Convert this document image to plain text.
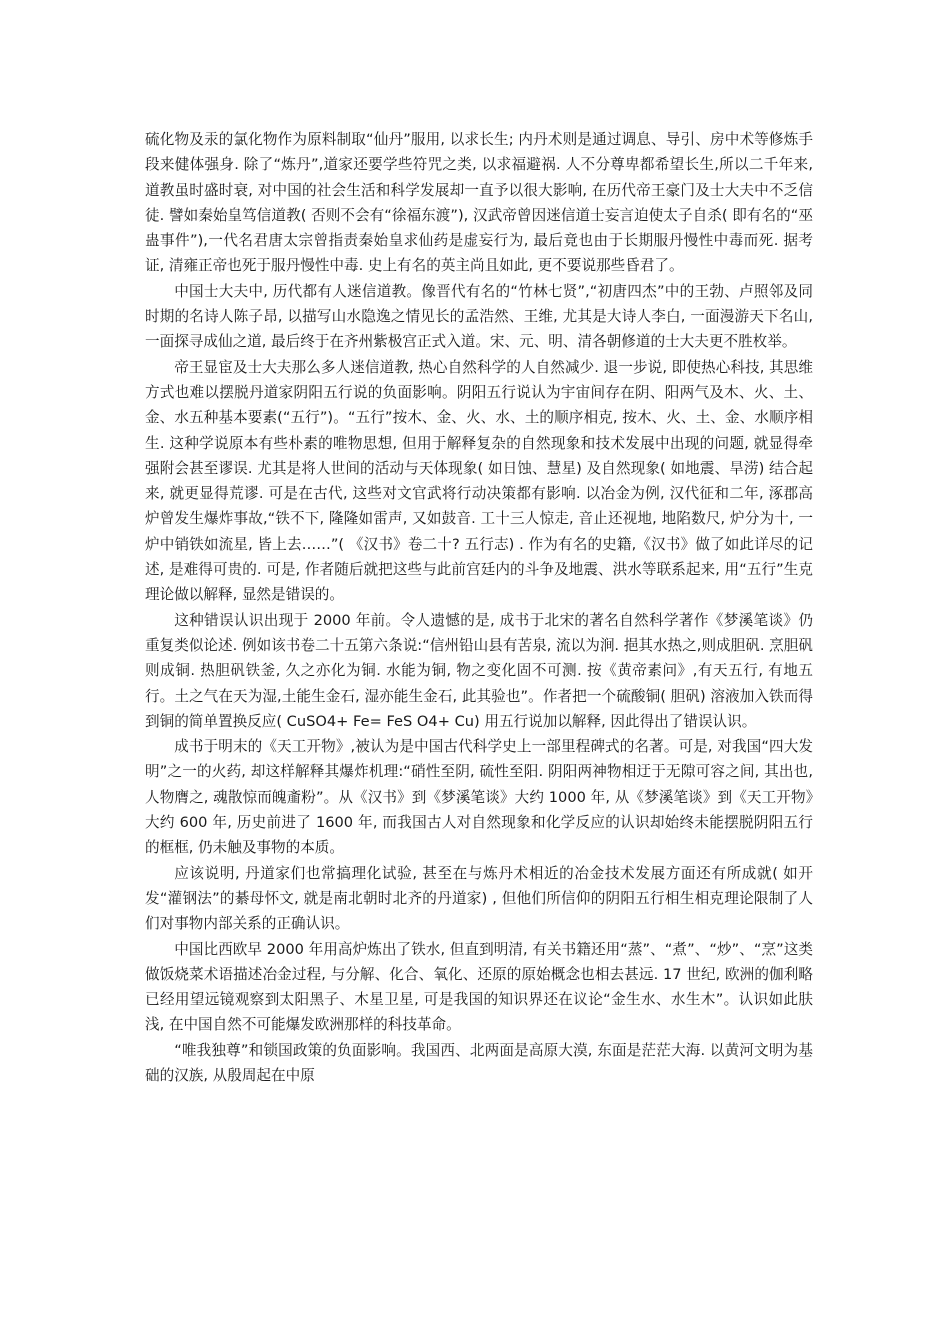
硫化物及汞的氯化物作为原料制取“仙丹”服用, 以求长生; 内丹术则是通过调息、导引、房中术等修炼手段来健体强身. 除了“炼丹”,道家还要学些符咒之类, 以求福避祸. 人不分尊卑都希望长生,所以二千年来, 道教虽时盛时衰, 对中国的社会生活和科学发展却一直予以很大影响, 在历代帝王豪门及士大夫中不乏信徒. 譬如秦始皇笃信道教( 否则不会有“徐福东渡”), 汉武帝曾因迷信道士妄言迫使太子自杀( 即有名的“巫蛊事件”),一代名君唐太宗曾指责秦始皇求仙药是虚妄行为, 最后竟也由于长期服丹慢性中毒而死. 据考证, 清雍正帝也死于服丹慢性中毒. 史上有名的英主尚且如此, 更不要说那些昏君了。

中国士大夫中, 历代都有人迷信道教。像晋代有名的“竹林七贤”,“初唐四杰”中的王勃、卢照邻及同时期的名诗人陈子昂, 以描写山水隐逸之情见长的孟浩然、王维, 尤其是大诗人李白, 一面漫游天下名山, 一面探寻成仙之道, 最后终于在齐州紫极宫正式入道。宋、元、明、清各朝修道的士大夫更不胜枚举。

帝王显宦及士大夫那么多人迷信道教, 热心自然科学的人自然减少. 退一步说, 即使热心科技, 其思维方式也难以摆脱丹道家阴阳五行说的负面影响。阴阳五行说认为宇宙间存在阴、阳两气及木、火、土、金、水五种基本要素(“五行”)。“五行”按木、金、火、水、土的顺序相克, 按木、火、土、金、水顺序相生. 这种学说原本有些朴素的唯物思想, 但用于解释复杂的自然现象和技术发展中出现的问题, 就显得牵强附会甚至谬误. 尤其是将人世间的活动与天体现象( 如日蚀、慧星) 及自然现象( 如地震、旱涝) 结合起来, 就更显得荒谬. 可是在古代, 这些对文官武将行动决策都有影响. 以冶金为例, 汉代征和二年, 涿郡高炉曾发生爆炸事故,“铁不下, 隆隆如雷声, 又如鼓音. 工十三人惊走, 音止还视地, 地陷数尺, 炉分为十, 一炉中销铁如流星, 皆上去……”( 《汉书》卷二十? 五行志) . 作为有名的史籍,《汉书》做了如此详尽的记述, 是难得可贵的. 可是, 作者随后就把这些与此前宫廷内的斗争及地震、洪水等联系起来, 用“五行”生克理论做以解释, 显然是错误的。

这种错误认识出现于 2000 年前。令人遗憾的是, 成书于北宋的著名自然科学著作《梦溪笔谈》仍重复类似论述. 例如该书卷二十五第六条说:“信州铅山县有苦泉, 流以为涧. 挹其水热之,则成胆矾. 烹胆矾则成铜. 热胆矾铁釜, 久之亦化为铜. 水能为铜, 物之变化固不可测. 按《黄帝素问》,有天五行, 有地五行。土之气在天为湿,土能生金石, 湿亦能生金石, 此其验也”。作者把一个硫酸铜( 胆矾) 溶液加入铁而得到铜的简单置换反应( CuSO4+ Fe= FeS O4+ Cu) 用五行说加以解释, 因此得出了错误认识。

成书于明末的《天工开物》,被认为是中国古代科学史上一部里程碑式的名著。可是, 对我国“四大发明”之一的火药, 却这样解释其爆炸机理:“硝性至阴, 硫性至阳. 阴阳两神物相迂于无隙可容之间, 其出也, 人物膺之, 魂散惊而魄齑粉”。从《汉书》到《梦溪笔谈》大约 1000 年, 从《梦溪笔谈》到《天工开物》大约 600 年, 历史前进了 1600 年, 而我国古人对自然现象和化学反应的认识却始终未能摆脱阴阳五行的框框, 仍未触及事物的本质。

应该说明, 丹道家们也常搞理化试验, 甚至在与炼丹术相近的冶金技术发展方面还有所成就( 如开发“灌钢法”的綦母怀文, 就是南北朝时北齐的丹道家) , 但他们所信仰的阴阳五行相生相克理论限制了人们对事物内部关系的正确认识。

中国比西欧早 2000 年用高炉炼出了铁水, 但直到明清, 有关书籍还用“蒸”、“煮”、“炒”、“烹”这类做饭烧菜术语描述冶金过程, 与分解、化合、氧化、还原的原始概念也相去甚远. 17 世纪, 欧洲的伽利略已经用望远镜观察到太阳黑子、木星卫星, 可是我国的知识界还在议论“金生水、水生木”。认识如此肤浅, 在中国自然不可能爆发欧洲那样的科技革命。

“唯我独尊”和锁国政策的负面影响。我国西、北两面是高原大漠, 东面是茫茫大海. 以黄河文明为基础的汉族, 从殷周起在中原
